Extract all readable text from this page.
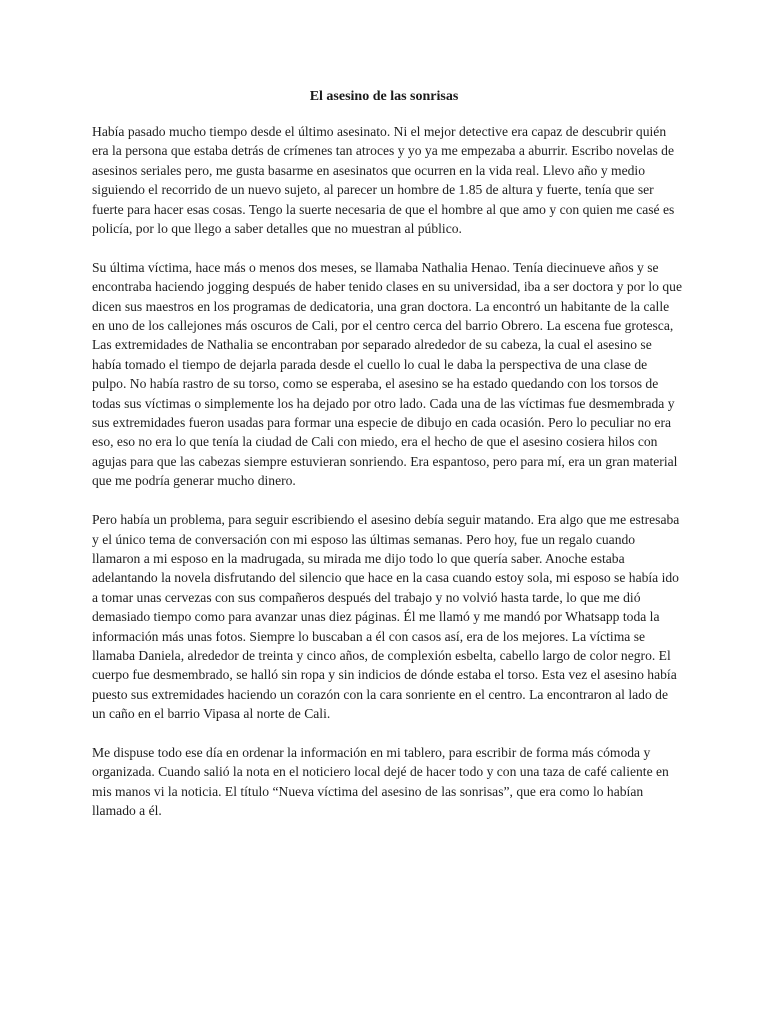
El asesino de las sonrisas

Había pasado mucho tiempo desde el último asesinato. Ni el mejor detective era capaz de descubrir quién era la persona que estaba detrás de crímenes tan atroces y yo ya me empezaba a aburrir. Escribo novelas de asesinos seriales pero, me gusta basarme en asesinatos que ocurren en la vida real. Llevo año y medio siguiendo el recorrido de un nuevo sujeto, al parecer un hombre de 1.85 de altura y fuerte, tenía que ser fuerte para hacer esas cosas. Tengo la suerte necesaria de que el hombre al que amo y con quien me casé es policía, por lo que llego a saber detalles que no muestran al público.

Su última víctima, hace más o menos dos meses, se llamaba Nathalia Henao. Tenía diecinueve años y se encontraba haciendo jogging después de haber tenido clases en su universidad, iba a ser doctora y por lo que dicen sus maestros en los programas de dedicatoria, una gran doctora. La encontró un habitante de la calle en uno de los callejones más oscuros de Cali, por el centro cerca del barrio Obrero. La escena fue grotesca, Las extremidades de Nathalia se encontraban por separado alrededor de su cabeza, la cual el asesino se había tomado el tiempo de dejarla parada desde el cuello lo cual le daba la perspectiva de una clase de pulpo. No había rastro de su torso, como se esperaba, el asesino se ha estado quedando con los torsos de todas sus víctimas o simplemente los ha dejado por otro lado. Cada una de las víctimas fue desmembrada y sus extremidades fueron usadas para formar una especie de dibujo en cada ocasión. Pero lo peculiar no era eso, eso no era lo que tenía la ciudad de Cali con miedo, era el hecho de que el asesino cosiera hilos con agujas para que las cabezas siempre estuvieran sonriendo. Era espantoso, pero para mí, era un gran material que me podría generar mucho dinero.

Pero había un problema, para seguir escribiendo el asesino debía seguir matando. Era algo que me estresaba y el único tema de conversación con mi esposo las últimas semanas. Pero hoy, fue un regalo cuando llamaron a mi esposo en la madrugada, su mirada me dijo todo lo que quería saber. Anoche estaba adelantando la novela disfrutando del silencio que hace en la casa cuando estoy sola, mi esposo se había ido a tomar unas cervezas con sus compañeros después del trabajo y no volvió hasta tarde, lo que me dió demasiado tiempo como para avanzar unas diez páginas. Él me llamó y me mandó por Whatsapp toda la información más unas fotos. Siempre lo buscaban a él con casos así, era de los mejores. La víctima se llamaba Daniela, alrededor de treinta y cinco años, de complexión esbelta, cabello largo de color negro. El cuerpo fue desmembrado, se halló sin ropa y sin indicios de dónde estaba el torso. Esta vez el asesino había puesto sus extremidades haciendo un corazón con la cara sonriente en el centro. La encontraron al lado de un caño en el barrio Vipasa al norte de Cali.

Me dispuse todo ese día en ordenar la información en mi tablero, para escribir de forma más cómoda y organizada. Cuando salió la nota en el noticiero local dejé de hacer todo y con una taza de café caliente en mis manos vi la noticia. El título “Nueva víctima del asesino de las sonrisas”, que era como lo habían llamado a él.
